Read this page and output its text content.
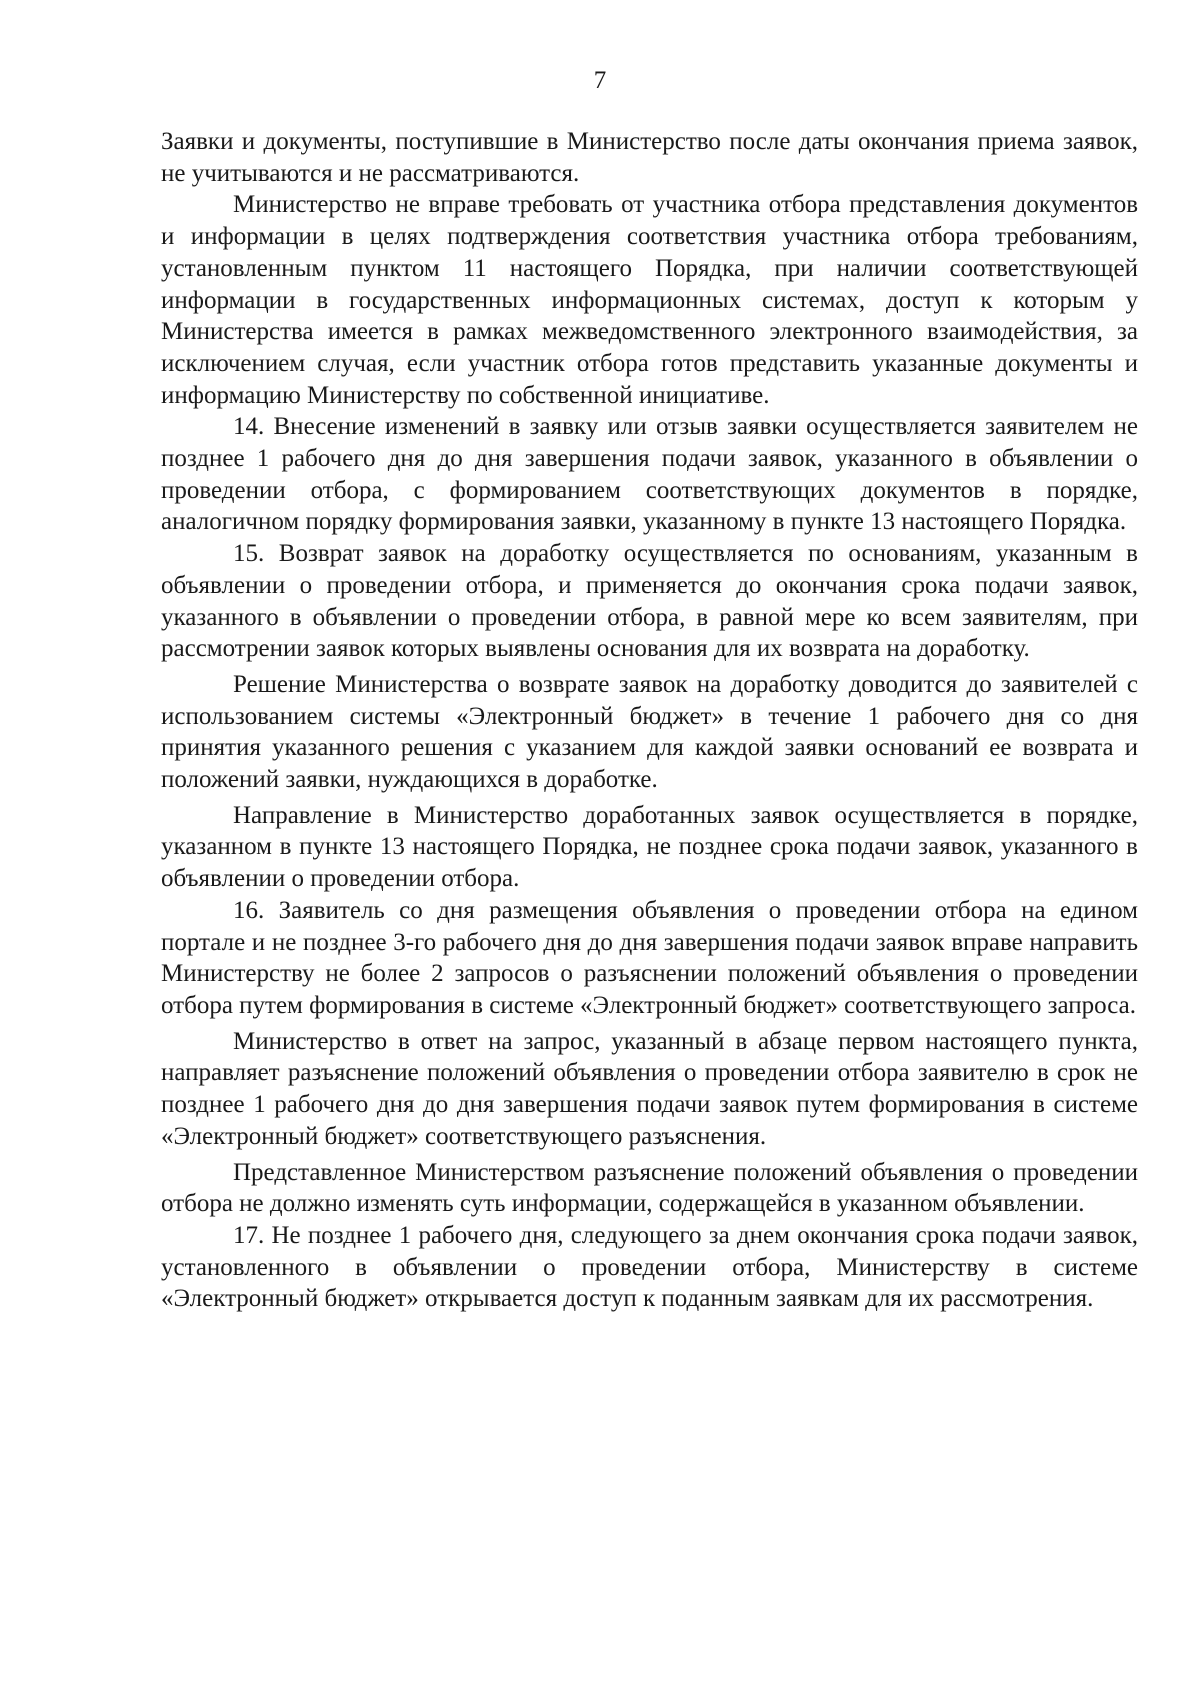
7

Заявки и документы, поступившие в Министерство после даты окончания приема заявок, не учитываются и не рассматриваются.

Министерство не вправе требовать от участника отбора представления документов и информации в целях подтверждения соответствия участника отбора требованиям, установленным пунктом 11 настоящего Порядка, при наличии соответствующей информации в государственных информационных системах, доступ к которым у Министерства имеется в рамках межведомственного электронного взаимодействия, за исключением случая, если участник отбора готов представить указанные документы и информацию Министерству по собственной инициативе.

14. Внесение изменений в заявку или отзыв заявки осуществляется заявителем не позднее 1 рабочего дня до дня завершения подачи заявок, указанного в объявлении о проведении отбора, с формированием соответствующих документов в порядке, аналогичном порядку формирования заявки, указанному в пункте 13 настоящего Порядка.

15. Возврат заявок на доработку осуществляется по основаниям, указанным в объявлении о проведении отбора, и применяется до окончания срока подачи заявок, указанного в объявлении о проведении отбора, в равной мере ко всем заявителям, при рассмотрении заявок которых выявлены основания для их возврата на доработку.

Решение Министерства о возврате заявок на доработку доводится до заявителей с использованием системы «Электронный бюджет» в течение 1 рабочего дня со дня принятия указанного решения с указанием для каждой заявки оснований ее возврата и положений заявки, нуждающихся в доработке.

Направление в Министерство доработанных заявок осуществляется в порядке, указанном в пункте 13 настоящего Порядка, не позднее срока подачи заявок, указанного в объявлении о проведении отбора.

16. Заявитель со дня размещения объявления о проведении отбора на едином портале и не позднее 3-го рабочего дня до дня завершения подачи заявок вправе направить Министерству не более 2 запросов о разъяснении положений объявления о проведении отбора путем формирования в системе «Электронный бюджет» соответствующего запроса.

Министерство в ответ на запрос, указанный в абзаце первом настоящего пункта, направляет разъяснение положений объявления о проведении отбора заявителю в срок не позднее 1 рабочего дня до дня завершения подачи заявок путем формирования в системе «Электронный бюджет» соответствующего разъяснения.

Представленное Министерством разъяснение положений объявления о проведении отбора не должно изменять суть информации, содержащейся в указанном объявлении.

17. Не позднее 1 рабочего дня, следующего за днем окончания срока подачи заявок, установленного в объявлении о проведении отбора, Министерству в системе «Электронный бюджет» открывается доступ к поданным заявкам для их рассмотрения.
